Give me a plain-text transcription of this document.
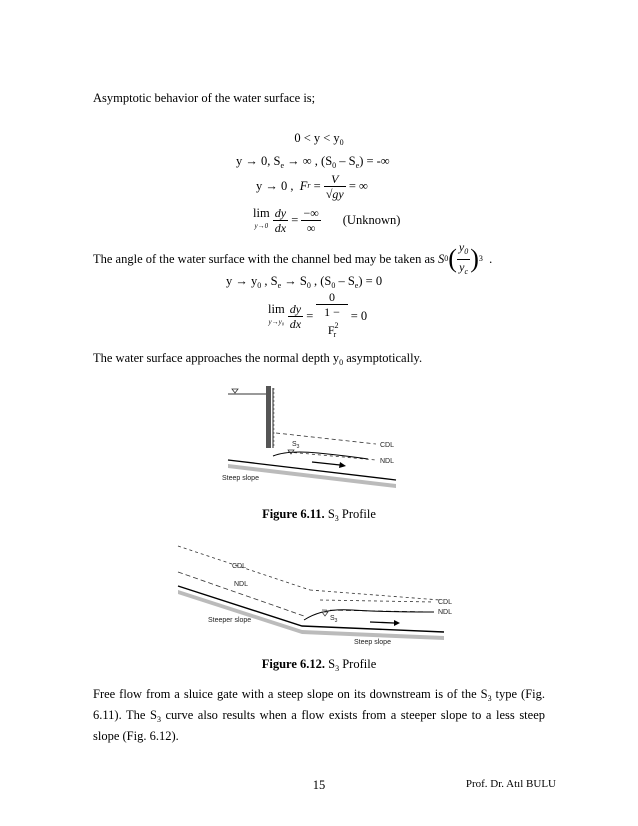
Asymptotic behavior of the water surface is;
$0 < y < y_0$
y → 0, $S_e$ → ∞ , $(S_0 - S_e)$ = -∞
y → 0 ,
F r
=
$\frac{V}{√gy}$
= ∞
lim
y→0
$\frac{dy}{dx}$
=
$\frac{-\infty}{\infty}$ (Unknown)
The angle of the water surface with the channel bed may be taken as
S 0 ( $\frac{y_0}{y_c}$ ) 3 .
$y \to y_0$ , $S_e \to S_0$ , $(S_0 - S_e) = 0$
lim
y→y₀
$\frac{dy}{dx} = \frac{0}{1 - F^2_r}$
= 0
The water surface approaches the normal depth $y_0$ asymptotically.
CDL
NDL
$S_3$
Steep slope
Figure 6.11. $S_3$ Profile
CDL
NDL
CDL
NDL
$S_3$
Steeper slope
Steep slope
Figure 6.12. $S_3$ Profile
Free flow from a sluice gate with a steep slope on its downstream is of the $S_3$ type (Fig. 6.11). The $S_3$ curve also results when a flow exists from a steeper slope to a less steep slope (Fig. 6.12).
15	Prof. Dr. Atıl BULU
